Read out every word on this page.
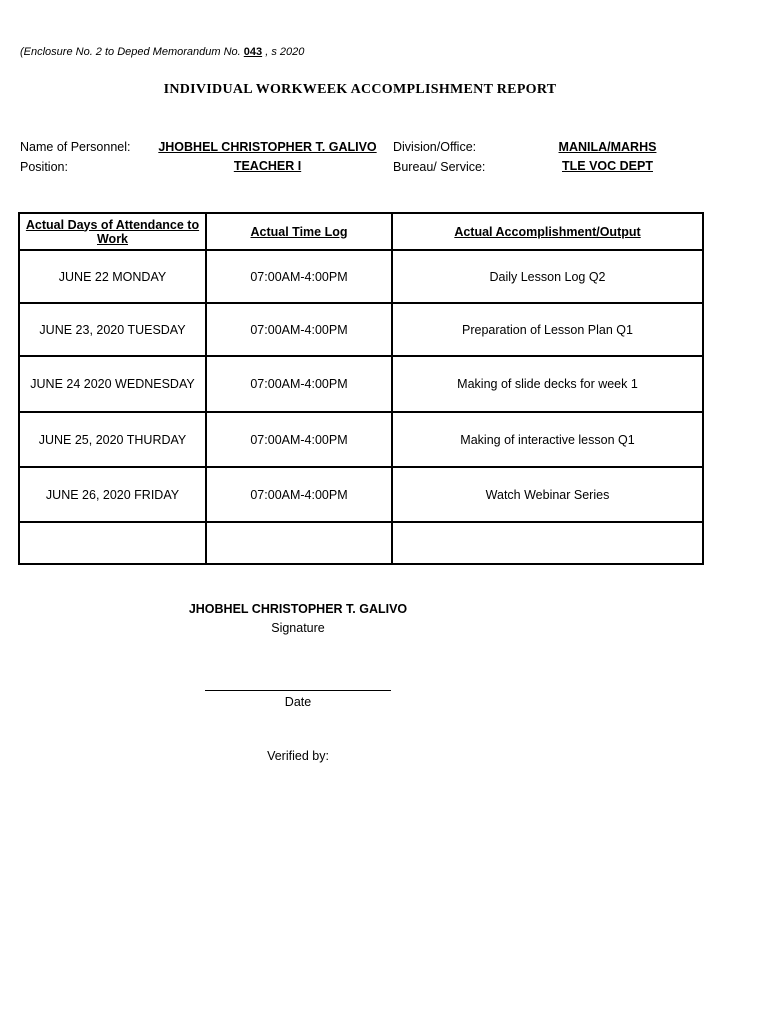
(Enclosure No. 2 to Deped Memorandum No. 043 , s 2020
INDIVIDUAL WORKWEEK ACCOMPLISHMENT REPORT
Name of Personnel:	JHOBHEL CHRISTOPHER T. GALIVO
Position:	TEACHER I
Division/Office:	MANILA/MARHS
Bureau/ Service:	TLE VOC DEPT
Actual Days of Attendance to Work	Actual Time Log	Actual Accomplishment/Output
JUNE 22 MONDAY	07:00AM-4:00PM	Daily Lesson Log Q2
JUNE 23, 2020 TUESDAY	07:00AM-4:00PM	Preparation of Lesson Plan Q1
JUNE 24 2020 WEDNESDAY	07:00AM-4:00PM	Making of slide decks for week 1
JUNE 25, 2020 THURDAY	07:00AM-4:00PM	Making of interactive lesson Q1
JUNE 26, 2020 FRIDAY	07:00AM-4:00PM	Watch Webinar Series

JHOBHEL CHRISTOPHER T. GALIVO
Signature
Date
Verified by:
